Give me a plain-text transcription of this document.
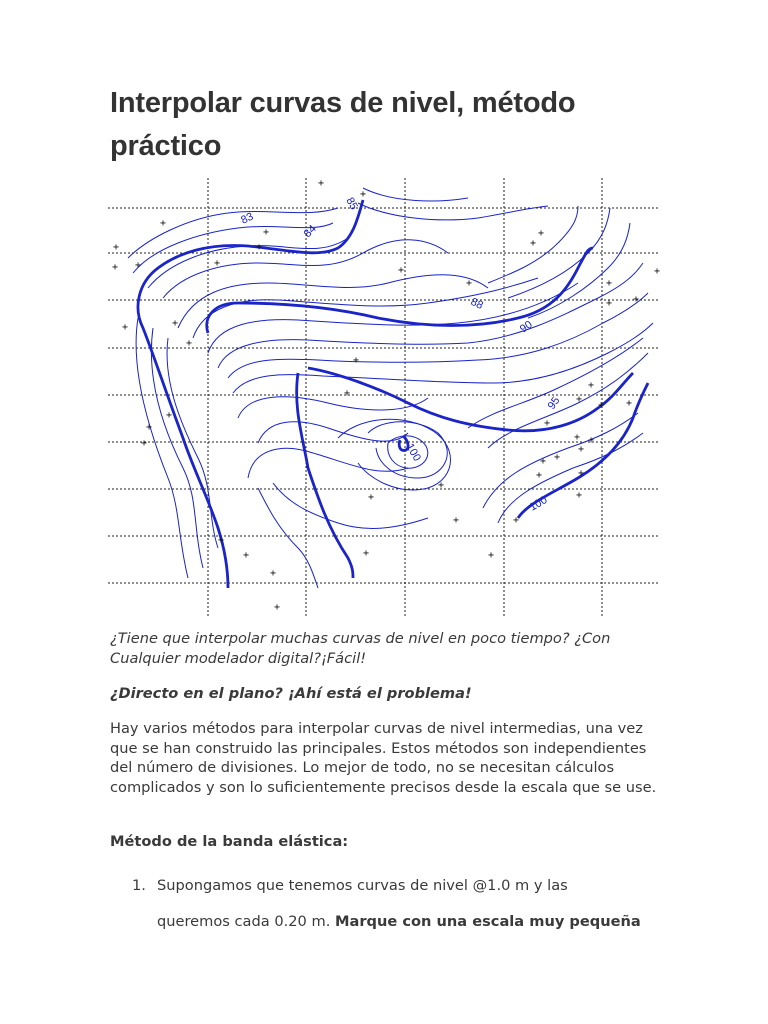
Interpolar curvas de nivel, método práctico
83
84
85
88
90
95
100
100
+
+
+
+
+	+	+
+
+ +	+
+
+	+
+
+	+
+
+
+
+ +
+	+
+
+
+
+
+ +
+	+
+
+	+
+
+
+
+
+
+
+
+
+	+
+
+
+

¿Tiene que interpolar muchas curvas de nivel en poco tiempo? ¿Con Cualquier modelador digital?¡Fácil!

¿Directo en el plano? ¡Ahí está el problema!

Hay varios métodos para interpolar curvas de nivel intermedias, una vez que se han construido las principales. Estos métodos son independientes del número de divisiones. Lo mejor de todo, no se necesitan cálculos complicados y son lo suficientemente precisos desde la escala que se use.

Método de la banda elástica:

1. Supongamos que tenemos curvas de nivel @1.0 m y las
queremos cada 0.20 m. Marque con una escala muy pequeña
